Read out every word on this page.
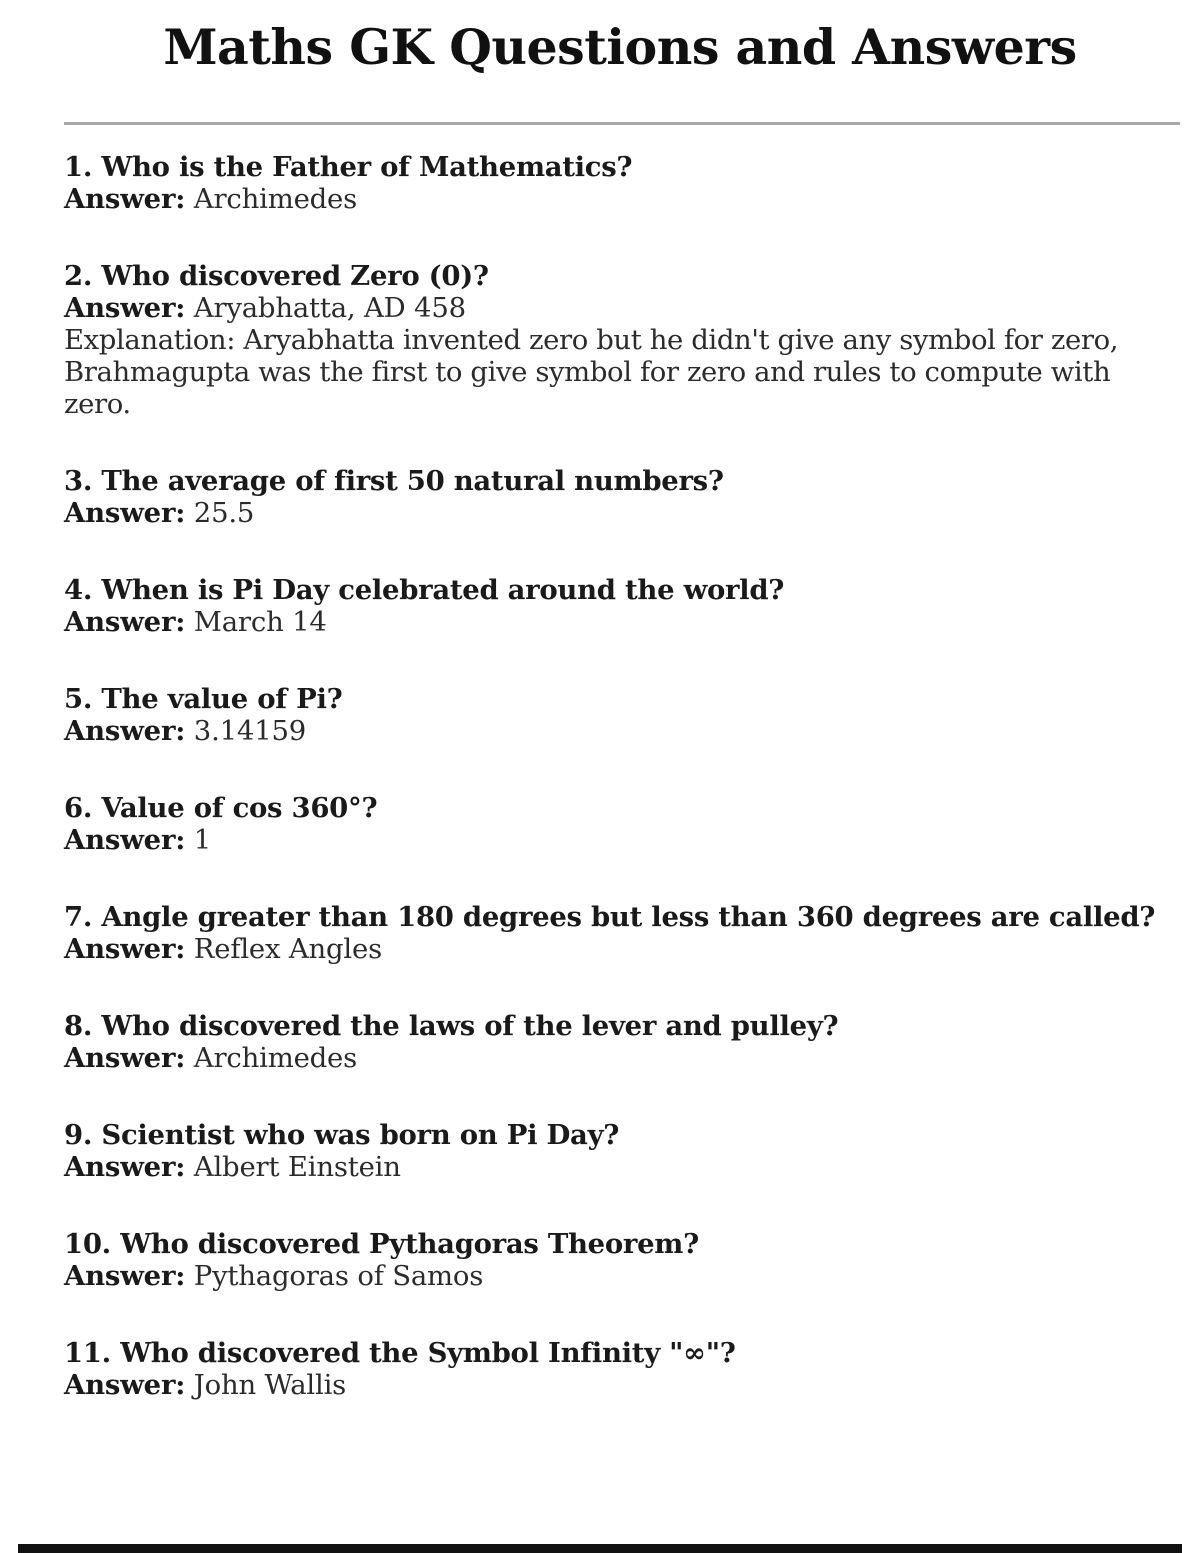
Maths GK Questions and Answers
1. Who is the Father of Mathematics?
Answer: Archimedes
2. Who discovered Zero (0)?
Answer: Aryabhatta, AD 458
Explanation: Aryabhatta invented zero but he didn't give any symbol for zero,
Brahmagupta was the first to give symbol for zero and rules to compute with zero.
3. The average of first 50 natural numbers?
Answer: 25.5
4. When is Pi Day celebrated around the world?
Answer: March 14
5. The value of Pi?
Answer: 3.14159
6. Value of cos 360°?
Answer: 1
7. Angle greater than 180 degrees but less than 360 degrees are called?
Answer: Reflex Angles
8. Who discovered the laws of the lever and pulley?
Answer: Archimedes
9. Scientist who was born on Pi Day?
Answer: Albert Einstein
10. Who discovered Pythagoras Theorem?
Answer: Pythagoras of Samos
11. Who discovered the Symbol Infinity "∞"?
Answer: John Wallis
